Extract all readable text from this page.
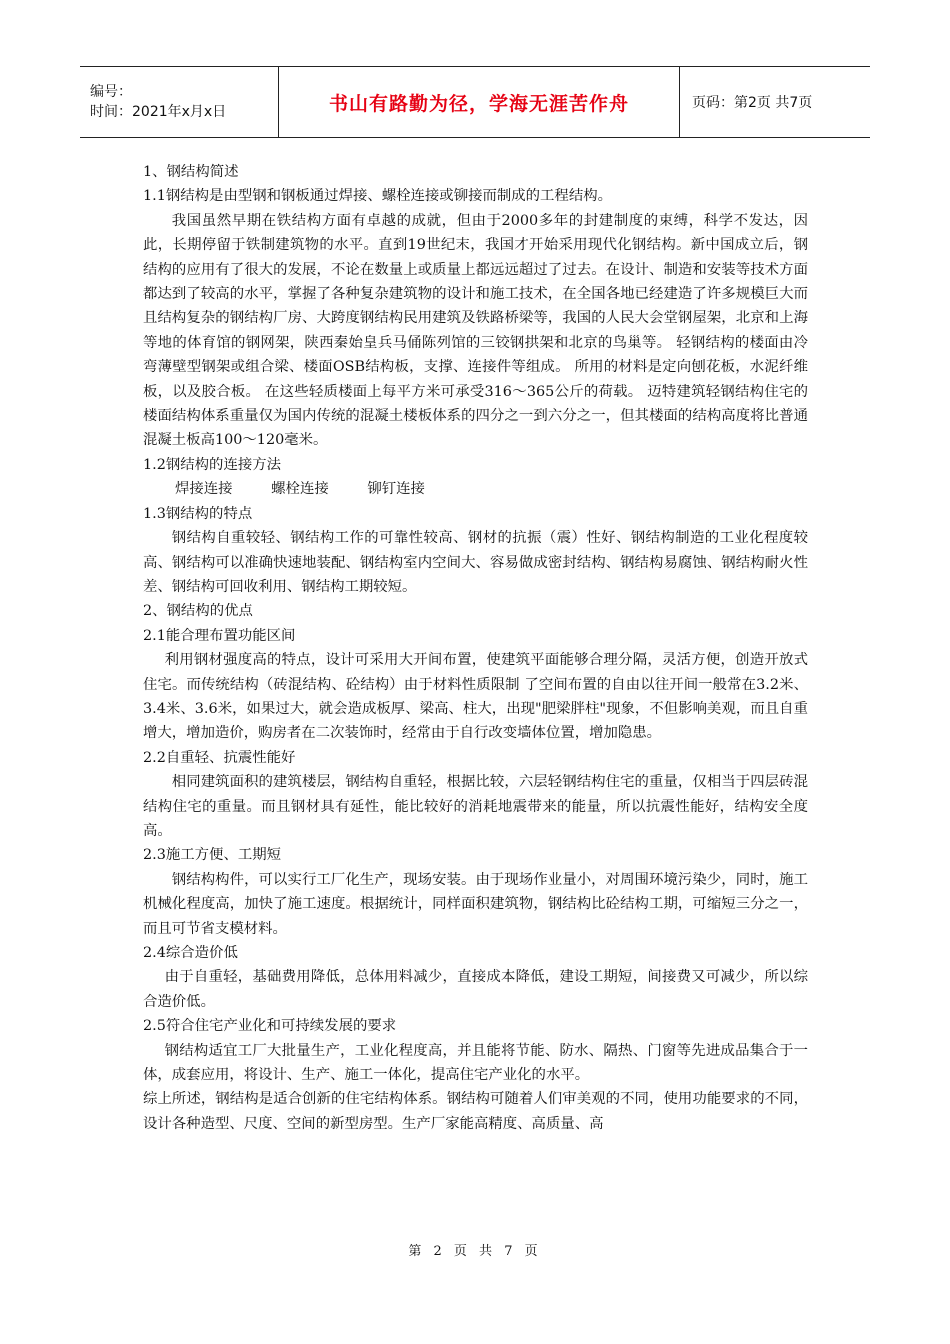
编号：
时间：2021年x月x日	书山有路勤为径，学海无涯苦作舟	页码：第2页 共7页

1、钢结构简述

1.1钢结构是由型钢和钢板通过焊接、螺栓连接或铆接而制成的工程结构。

我国虽然早期在铁结构方面有卓越的成就，但由于2000多年的封建制度的束缚，科学不发达，因此，长期停留于铁制建筑物的水平。直到19世纪末，我国才开始采用现代化钢结构。新中国成立后，钢结构的应用有了很大的发展，不论在数量上或质量上都远远超过了过去。在设计、制造和安装等技术方面都达到了较高的水平，掌握了各种复杂建筑物的设计和施工技术，在全国各地已经建造了许多规模巨大而且结构复杂的钢结构厂房、大跨度钢结构民用建筑及铁路桥梁等，我国的人民大会堂钢屋架，北京和上海等地的体育馆的钢网架，陕西秦始皇兵马俑陈列馆的三铰钢拱架和北京的鸟巢等。 轻钢结构的楼面由冷弯薄壁型钢架或组合梁、楼面OSB结构板，支撑、连接件等组成。 所用的材料是定向刨花板，水泥纤维板，以及胶合板。 在这些轻质楼面上每平方米可承受316～365公斤的荷载。 迈特建筑轻钢结构住宅的楼面结构体系重量仅为国内传统的混凝土楼板体系的四分之一到六分之一，但其楼面的结构高度将比普通混凝土板高100～120毫米。

1.2钢结构的连接方法

焊接连接	螺栓连接	铆钉连接

1.3钢结构的特点

钢结构自重较轻、钢结构工作的可靠性较高、钢材的抗振（震）性好、钢结构制造的工业化程度较高、钢结构可以准确快速地装配、钢结构室内空间大、容易做成密封结构、钢结构易腐蚀、钢结构耐火性差、钢结构可回收利用、钢结构工期较短。

2、钢结构的优点

2.1能合理布置功能区间

利用钢材强度高的特点，设计可采用大开间布置，使建筑平面能够合理分隔，灵活方便，创造开放式住宅。而传统结构（砖混结构、砼结构）由于材料性质限制 了空间布置的自由以往开间一般常在3.2米、3.4米、3.6米，如果过大，就会造成板厚、梁高、柱大，出现"肥梁胖柱"现象，不但影响美观，而且自重 增大，增加造价，购房者在二次装饰时，经常由于自行改变墙体位置，增加隐患。

2.2自重轻、抗震性能好

相同建筑面积的建筑楼层，钢结构自重轻，根据比较，六层轻钢结构住宅的重量，仅相当于四层砖混结构住宅的重量。而且钢材具有延性，能比较好的消耗地震带来的能量，所以抗震性能好，结构安全度高。

2.3施工方便、工期短

钢结构构件，可以实行工厂化生产，现场安装。由于现场作业量小，对周围环境污染少，同时，施工机械化程度高，加快了施工速度。根据统计，同样面积建筑物，钢结构比砼结构工期，可缩短三分之一，而且可节省支模材料。

2.4综合造价低

由于自重轻，基础费用降低，总体用料减少，直接成本降低，建设工期短，间接费又可减少，所以综合造价低。

2.5符合住宅产业化和可持续发展的要求

钢结构适宜工厂大批量生产，工业化程度高，并且能将节能、防水、隔热、门窗等先进成品集合于一体，成套应用，将设计、生产、施工一体化，提高住宅产业化的水平。

综上所述，钢结构是适合创新的住宅结构体系。钢结构可随着人们审美观的不同，使用功能要求的不同，设计各种造型、尺度、空间的新型房型。生产厂家能高精度、高质量、高

第 2 页 共 7 页
